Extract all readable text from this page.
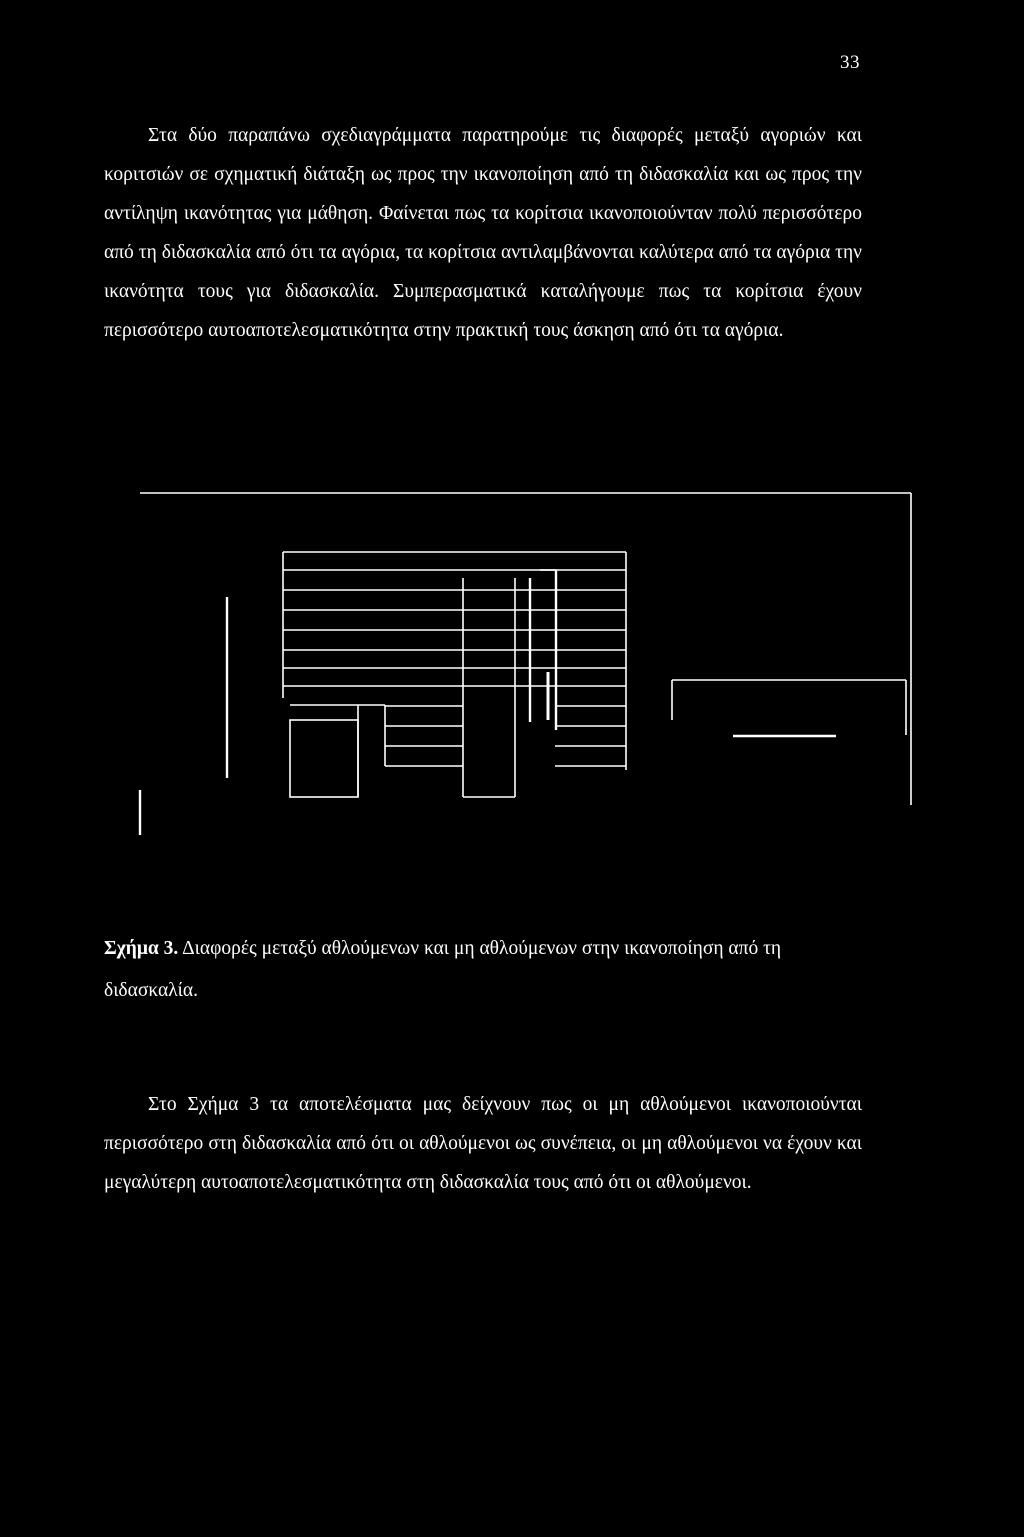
33

Στα δύο παραπάνω σχεδιαγράμματα παρατηρούμε τις διαφορές μεταξύ αγοριών και κοριτσιών σε σχηματική διάταξη ως προς την ικανοποίηση από τη διδασκαλία και ως προς την αντίληψη ικανότητας για μάθηση. Φαίνεται πως τα κορίτσια ικανοποιούνταν πολύ περισσότερο από τη διδασκαλία από ότι τα αγόρια, τα κορίτσια αντιλαμβάνονται καλύτερα από τα αγόρια την ικανότητα τους για διδασκαλία. Συμπερασματικά καταλήγουμε πως τα κορίτσια έχουν περισσότερο αυτοαποτελεσματικότητα στην πρακτική τους άσκηση από ότι τα αγόρια.

Σχήμα 3. Διαφορές μεταξύ αθλούμενων και μη αθλούμενων στην ικανοποίηση από τη διδασκαλία.

Στο Σχήμα 3 τα αποτελέσματα μας δείχνουν πως οι μη αθλούμενοι ικανοποιούνται περισσότερο στη διδασκαλία από ότι οι αθλούμενοι ως συνέπεια, οι μη αθλούμενοι να έχουν και μεγαλύτερη αυτοαποτελεσματικότητα στη διδασκαλία τους από ότι οι αθλούμενοι.
